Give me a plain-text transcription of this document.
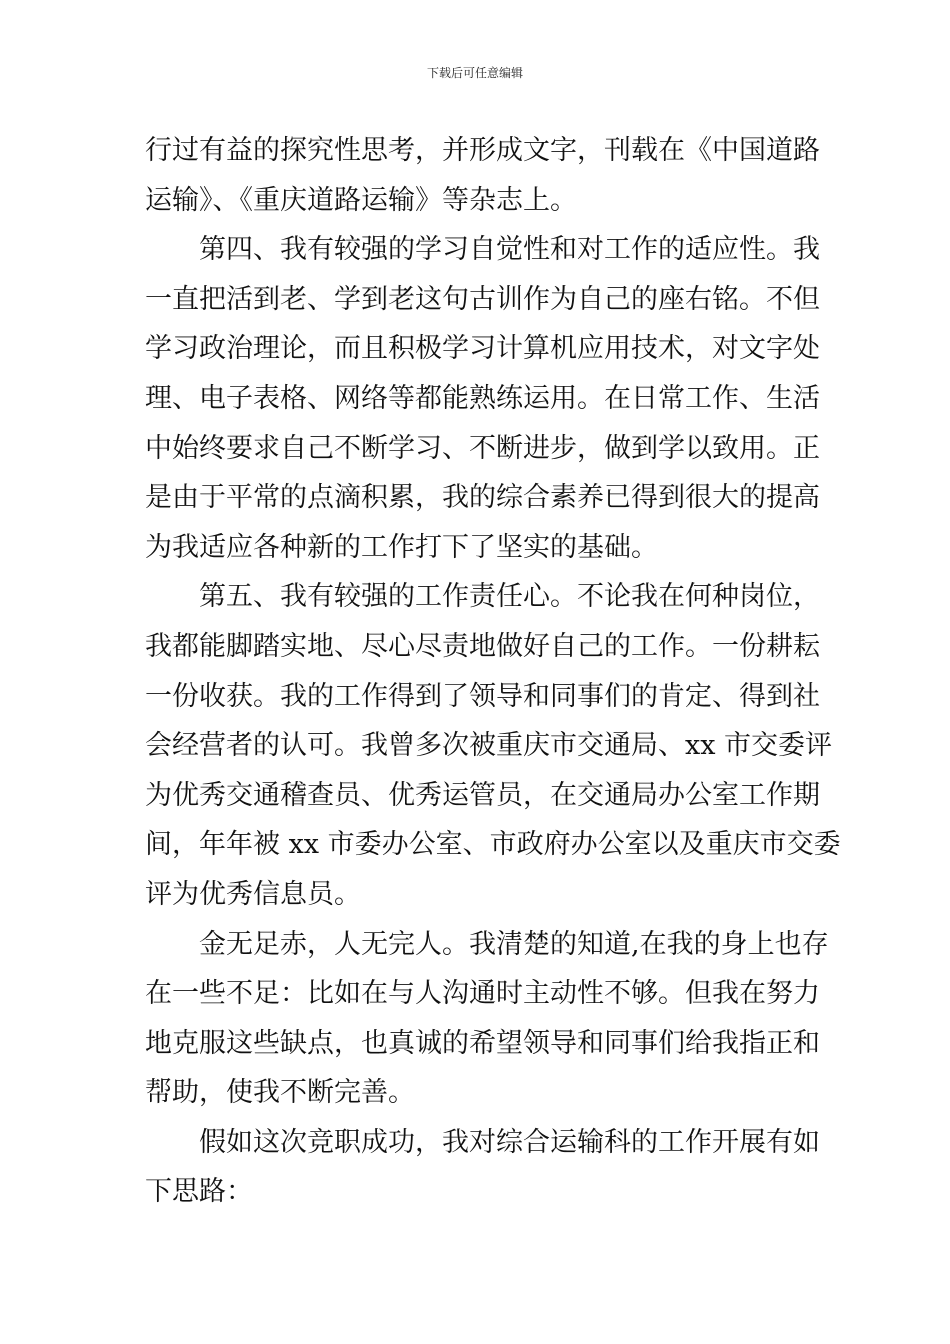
下载后可任意编辑
行过有益的探究性思考，并形成文字，刊载在《中国道路
运输》、《重庆道路运输》等杂志上。
第四、我有较强的学习自觉性和对工作的适应性。我
一直把活到老、学到老这句古训作为自己的座右铭。不但
学习政治理论，而且积极学习计算机应用技术，对文字处
理、电子表格、网络等都能熟练运用。在日常工作、生活
中始终要求自己不断学习、不断进步，做到学以致用。正
是由于平常的点滴积累，我的综合素养已得到很大的提高
为我适应各种新的工作打下了坚实的基础。
第五、我有较强的工作责任心。不论我在何种岗位，
我都能脚踏实地、尽心尽责地做好自己的工作。一份耕耘
一份收获。我的工作得到了领导和同事们的肯定、得到社
会经营者的认可。我曾多次被重庆市交通局、xx 市交委评
为优秀交通稽查员、优秀运管员，在交通局办公室工作期
间，年年被 xx 市委办公室、市政府办公室以及重庆市交委
评为优秀信息员。
金无足赤，人无完人。我清楚的知道,在我的身上也存
在一些不足：比如在与人沟通时主动性不够。但我在努力
地克服这些缺点，也真诚的希望领导和同事们给我指正和
帮助，使我不断完善。
假如这次竞职成功，我对综合运输科的工作开展有如
下思路：
